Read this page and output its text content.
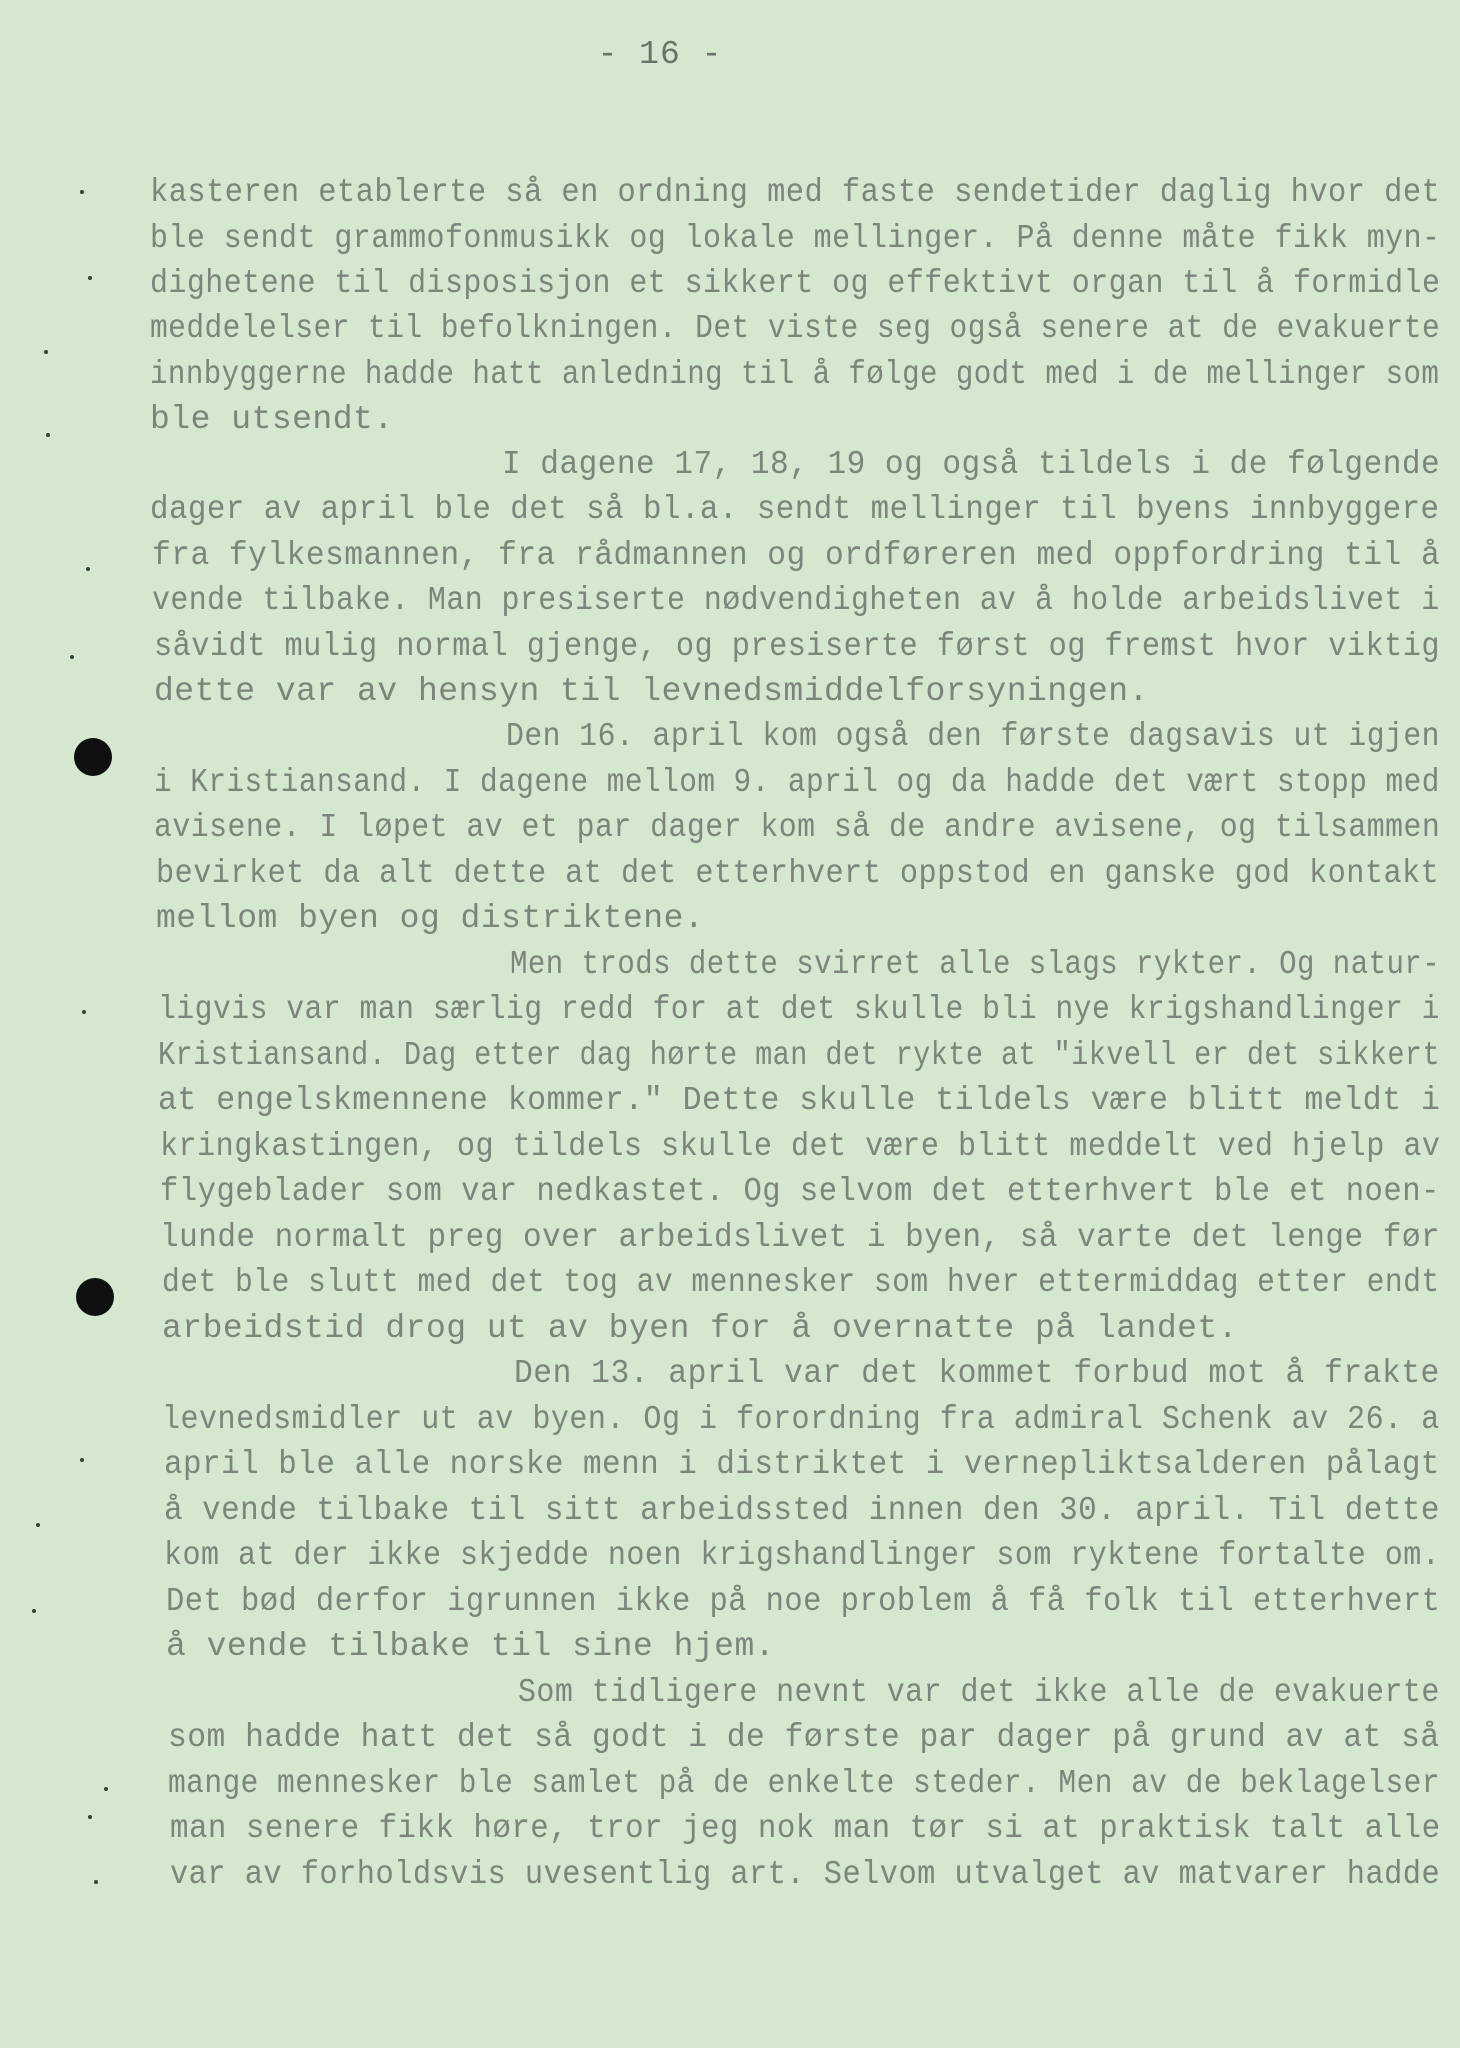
- 16 -
kasteren etablerte så en ordning med faste sendetider daglig hvor det
ble sendt grammofonmusikk og lokale mellinger. På denne måte fikk myn-
dighetene til disposisjon et sikkert og effektivt organ til å formidle
meddelelser til befolkningen. Det viste seg også senere at de evakuerte
innbyggerne hadde hatt anledning til å følge godt med i de mellinger som
ble utsendt.
I dagene 17, 18, 19 og også tildels i de følgende
dager av april ble det så bl.a. sendt mellinger til byens innbyggere
fra fylkesmannen, fra rådmannen og ordføreren med oppfordring til å
vende tilbake. Man presiserte nødvendigheten av å holde arbeidslivet i
såvidt mulig normal gjenge, og presiserte først og fremst hvor viktig
dette var av hensyn til levnedsmiddelforsyningen.
Den 16. april kom også den første dagsavis ut igjen
i Kristiansand. I dagene mellom 9. april og da hadde det vært stopp med
avisene. I løpet av et par dager kom så de andre avisene, og tilsammen
bevirket da alt dette at det etterhvert oppstod en ganske god kontakt
mellom byen og distriktene.
Men trods dette svirret alle slags rykter. Og natur-
ligvis var man særlig redd for at det skulle bli nye krigshandlinger i
Kristiansand. Dag etter dag hørte man det rykte at "ikvell er det sikkert
at engelskmennene kommer." Dette skulle tildels være blitt meldt i
kringkastingen, og tildels skulle det være blitt meddelt ved hjelp av
flygeblader som var nedkastet. Og selvom det etterhvert ble et noen-
lunde normalt preg over arbeidslivet i byen, så varte det lenge før
det ble slutt med det tog av mennesker som hver ettermiddag etter endt
arbeidstid drog ut av byen for å overnatte på landet.
Den 13. april var det kommet forbud mot å frakte
levnedsmidler ut av byen. Og i forordning fra admiral Schenk av 26. a
april ble alle norske menn i distriktet i vernepliktsalderen pålagt
å vende tilbake til sitt arbeidssted innen den 30. april. Til dette
kom at der ikke skjedde noen krigshandlinger som ryktene fortalte om.
Det bød derfor igrunnen ikke på noe problem å få folk til etterhvert
å vende tilbake til sine hjem.
Som tidligere nevnt var det ikke alle de evakuerte
som hadde hatt det så godt i de første par dager på grund av at så
mange mennesker ble samlet på de enkelte steder. Men av de beklagelser
man senere fikk høre, tror jeg nok man tør si at praktisk talt alle
var av forholdsvis uvesentlig art. Selvom utvalget av matvarer hadde
